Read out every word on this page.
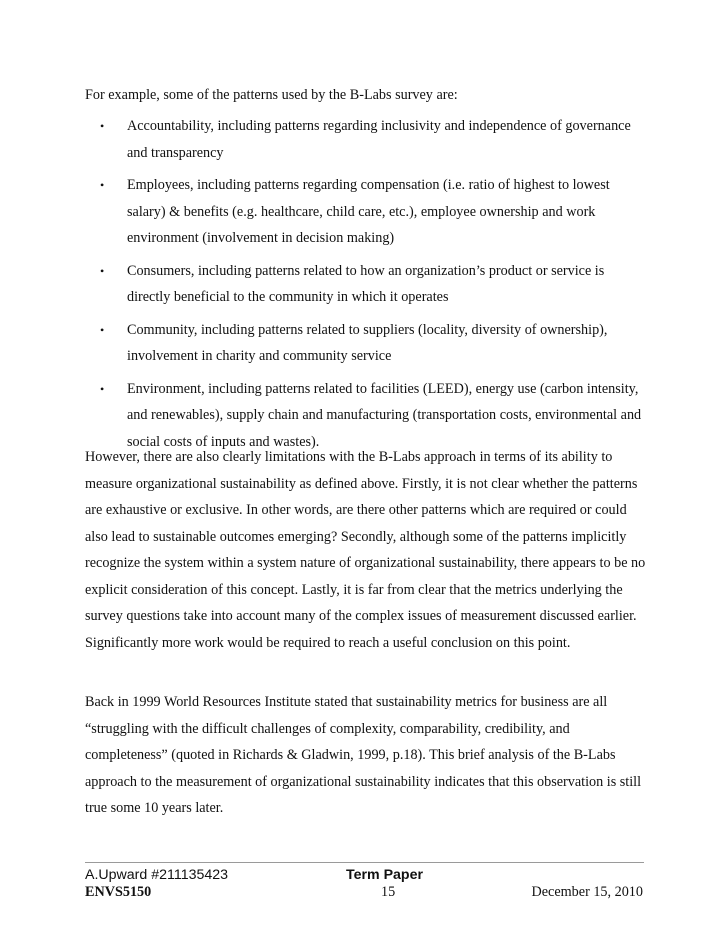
For example, some of the patterns used by the B-Labs survey are:

• Accountability, including patterns regarding inclusivity and independence of governance and transparency
• Employees, including patterns regarding compensation (i.e. ratio of highest to lowest salary) & benefits (e.g. healthcare, child care, etc.), employee ownership and work environment (involvement in decision making)
• Consumers, including patterns related to how an organization’s product or service is directly beneficial to the community in which it operates
• Community, including patterns related to suppliers (locality, diversity of ownership), involvement in charity and community service
• Environment, including patterns related to facilities (LEED), energy use (carbon intensity, and renewables), supply chain and manufacturing (transportation costs, environmental and social costs of inputs and wastes).

However, there are also clearly limitations with the B-Labs approach in terms of its ability to measure organizational sustainability as defined above. Firstly, it is not clear whether the patterns are exhaustive or exclusive. In other words, are there other patterns which are required or could also lead to sustainable outcomes emerging? Secondly, although some of the patterns implicitly recognize the system within a system nature of organizational sustainability, there appears to be no explicit consideration of this concept. Lastly, it is far from clear that the metrics underlying the survey questions take into account many of the complex issues of measurement discussed earlier. Significantly more work would be required to reach a useful conclusion on this point.

Back in 1999 World Resources Institute stated that sustainability metrics for business are all “struggling with the difficult challenges of complexity, comparability, credibility, and completeness” (quoted in Richards & Gladwin, 1999, p.18). This brief analysis of the B-Labs approach to the measurement of organizational sustainability indicates that this observation is still true some 10 years later.

A.Upward #211135423	Term Paper
ENVS5150	15	December 15, 2010
